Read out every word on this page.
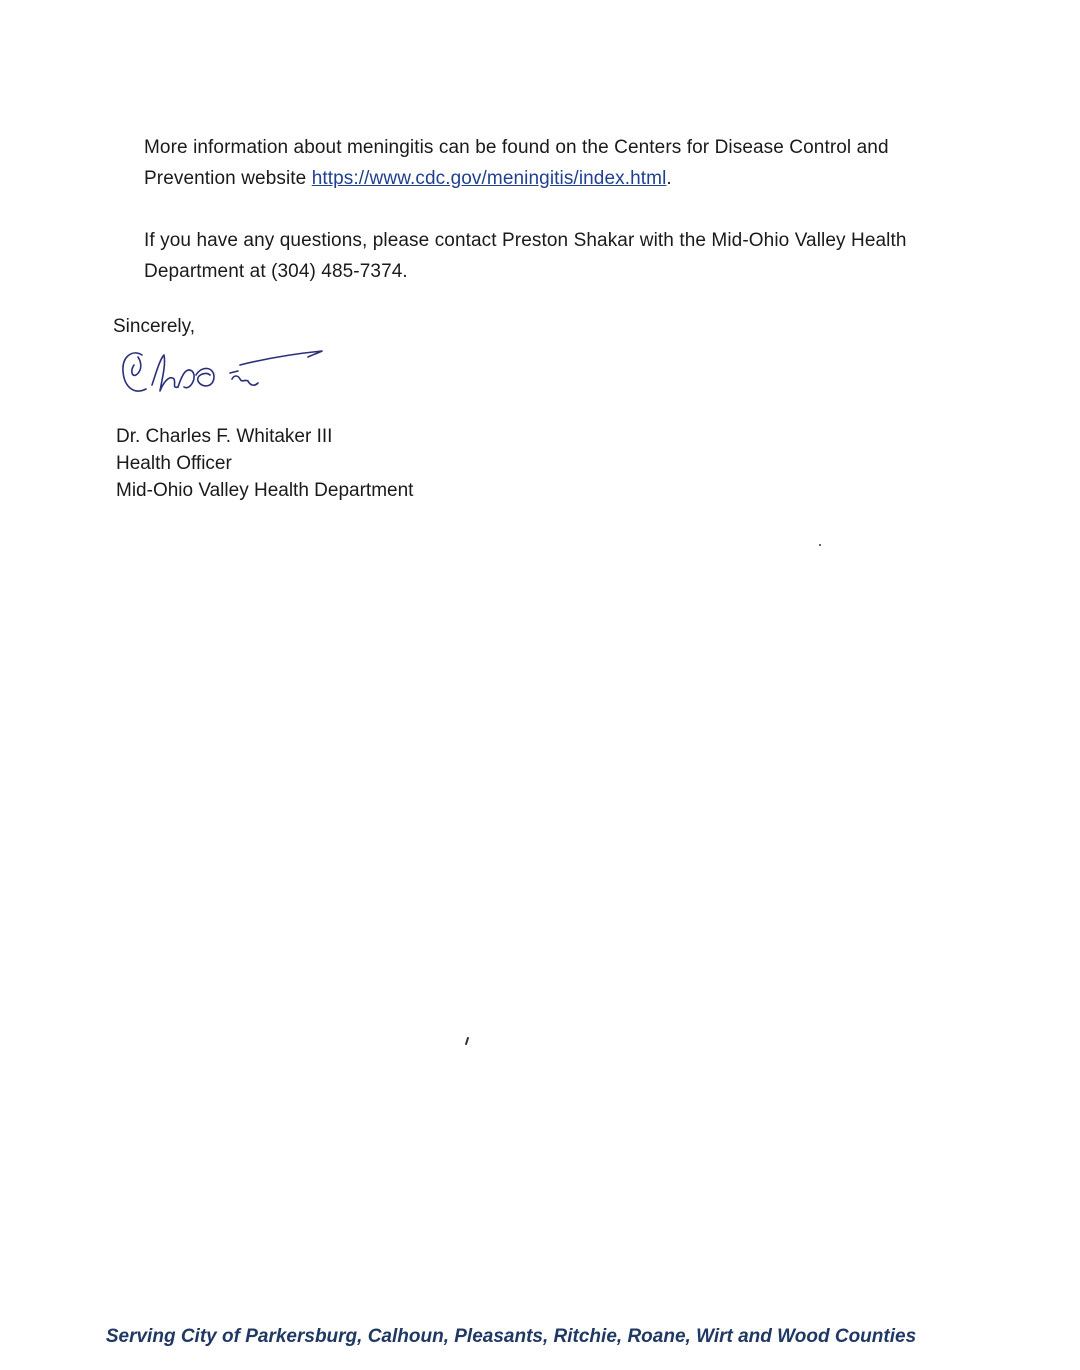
More information about meningitis can be found on the Centers for Disease Control and Prevention website https://www.cdc.gov/meningitis/index.html.

If you have any questions, please contact Preston Shakar with the Mid-Ohio Valley Health Department at (304) 485-7374.

Sincerely,
Dr. Charles F. Whitaker III
Health Officer
Mid-Ohio Valley Health Department
Serving City of Parkersburg, Calhoun, Pleasants, Ritchie, Roane, Wirt and Wood Counties
